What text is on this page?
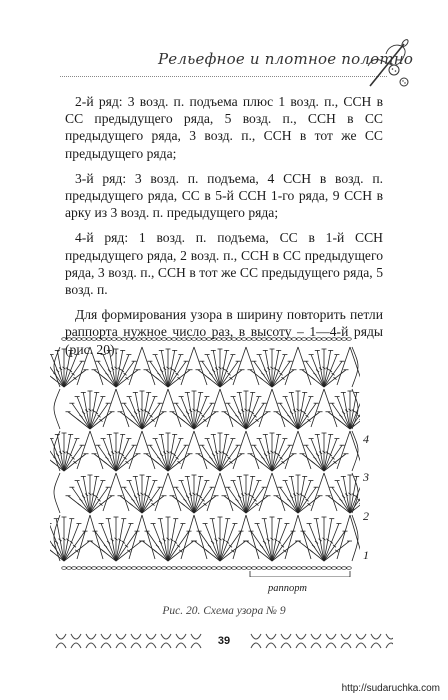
Рельефное и плотное полотно

2-й ряд: 3 возд. п. подъема плюс 1 возд. п., ССН в СС предыдущего ряда, 5 возд. п., ССН в СС предыдущего ряда, 3 возд. п., ССН в тот же СС предыдущего ряда;

3-й ряд: 3 возд. п. подъема, 4 ССН в возд. п. предыдущего ряда, СС в 5-й ССН 1-го ряда, 9 ССН в арку из 3 возд. п. предыдущего ряда;

4-й ряд: 1 возд. п. подъема, СС в 1-й ССН предыдущего ряда, 2 возд. п., ССН в СС предыдущего ряда, 3 возд. п., ССН в тот же СС предыдущего ряда, 5 возд. п.

Для формирования узора в ширину повторить петли раппорта нужное число раз, в высоту – 1—4-й ряды (рис. 20).

4
3
2
1
раппорт
Рис. 20. Схема узора № 9
39
http://sudaruchka.com
